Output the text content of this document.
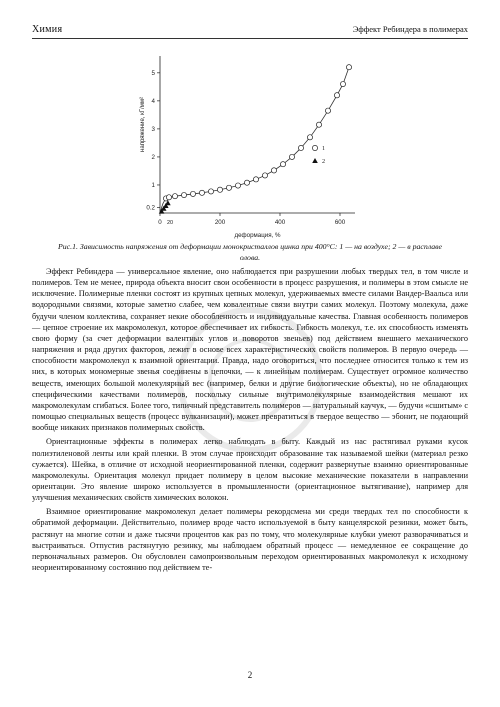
Химия	Эффект Ребиндера в полимерах
0	200	400	600
20
0.2
1
2
3
4
5
деформация, %
напряжение, кГ/мм²	1
2
Рис.1. Зависимость напряжения от деформации монокристаллов цинка при 400°C: 1 — на воздухе; 2 — в расплаве олова.

Эффект Ребиндера — универсальное явление, оно наблюдается при разрушении любых твердых тел, в том числе и полимеров. Тем не менее, природа объекта вносит свои особенности в процесс разрушения, и полимеры в этом смысле не исключение. Полимерные пленки состоят из крупных цепных молекул, удерживаемых вместе силами Вандер-Ваальса или водородными связями, которые заметно слабее, чем ковалентные связи внутри самих молекул. Поэтому молекула, даже будучи членом коллектива, сохраняет некие обособленность и индивидуальные качества. Главная особенность полимеров — цепное строение их макромолекул, которое обеспечивает их гибкость. Гибкость молекул, т.е. их способность изменять свою форму (за счет деформации валентных углов и поворотов звеньев) под действием внешнего механического напряжения и ряда других факторов, лежит в основе всех характеристических свойств полимеров. В первую очередь — способности макромолекул к взаимной ориентации. Правда, надо оговориться, что последнее относится только к тем из них, в которых мономерные звенья соединены в цепочки, — к линейным полимерам. Существует огромное количество веществ, имеющих большой молекулярный вес (например, белки и другие биологические объекты), но не обладающих специфическими качествами полимеров, поскольку сильные внутримолекулярные взаимодействия мешают их макромолекулам сгибаться. Более того, типичный представитель полимеров — натуральный каучук, — будучи «сшитым» с помощью специальных веществ (процесс вулканизации), может превратиться в твердое вещество — эбонит, не подающий вообще никаких признаков полимерных свойств.

Ориентационные эффекты в полимерах легко наблюдать в быту. Каждый из нас растягивал руками кусок полиэтиленовой ленты или край пленки. В этом случае происходит образование так называемой шейки (материал резко сужается). Шейка, в отличие от исходной неориентированной пленки, содержит развернутые взаимно ориентированные макромолекулы. Ориентация молекул придает полимеру в целом высокие механические показатели в направлении ориентации. Это явление широко используется в промышленности (ориентационное вытягивание), например для улучшения механических свойств химических волокон.

Взаимное ориентирование макромолекул делает полимеры рекордсмена ми среди твердых тел по способности к обратимой деформации. Действительно, полимер вроде часто используемой в быту канцелярской резинки, может быть, растянут на многие сотни и даже тысячи процентов как раз по тому, что молекулярные клубки умеют разворачиваться и выстраиваться. Отпустив растянутую резинку, мы наблюдаем обратный процесс — немедленное ее сокращение до первоначальных размеров. Он обусловлен самопроизвольным переходом ориентированных макромолекул к исходному неориентированному состоянию под действием те-

2
